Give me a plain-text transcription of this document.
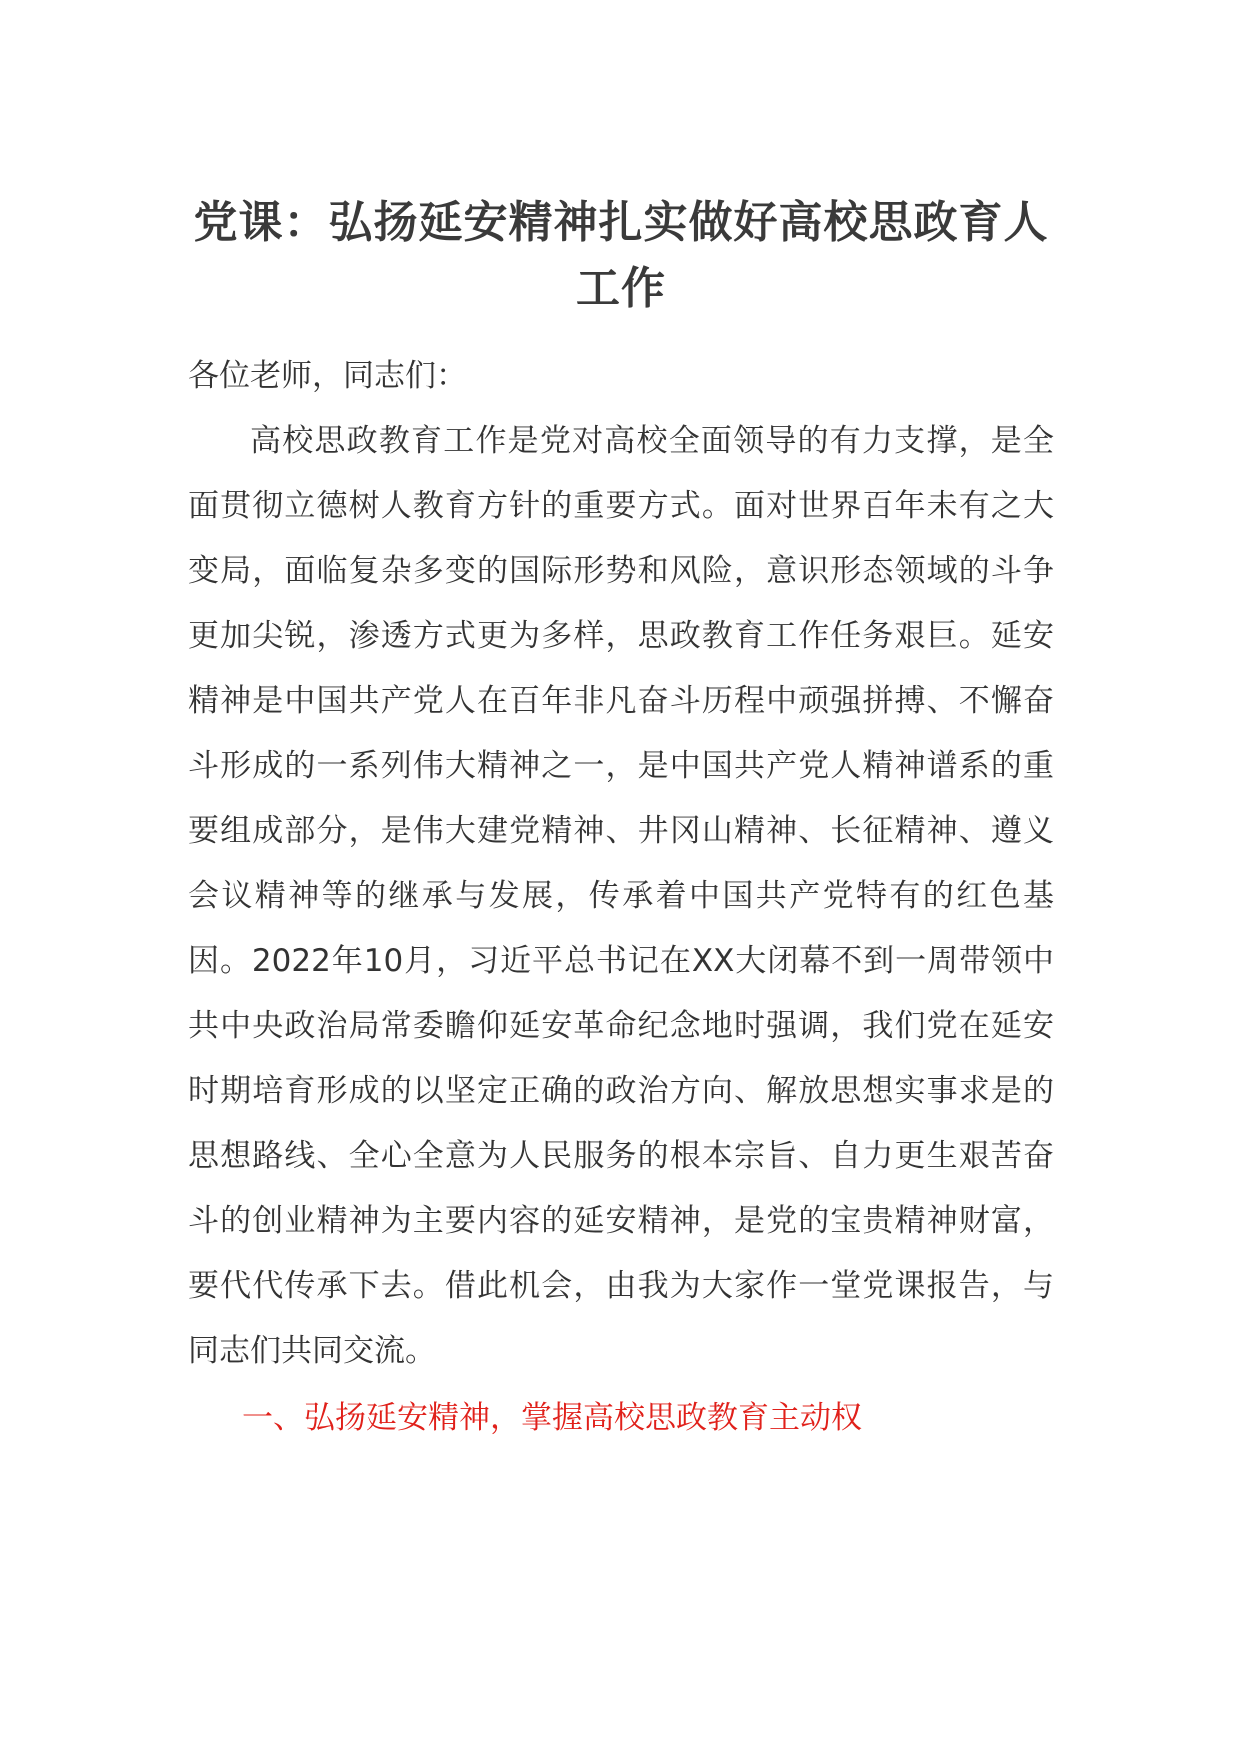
党课：弘扬延安精神扎实做好高校思政育人工作

各位老师，同志们：

高校思政教育工作是党对高校全面领导的有力支撑，是全面贯彻立德树人教育方针的重要方式。面对世界百年未有之大变局，面临复杂多变的国际形势和风险，意识形态领域的斗争更加尖锐，渗透方式更为多样，思政教育工作任务艰巨。延安精神是中国共产党人在百年非凡奋斗历程中顽强拼搏、不懈奋斗形成的一系列伟大精神之一，是中国共产党人精神谱系的重要组成部分，是伟大建党精神、井冈山精神、长征精神、遵义会议精神等的继承与发展，传承着中国共产党特有的红色基因。2022年10月，习近平总书记在XX大闭幕不到一周带领中共中央政治局常委瞻仰延安革命纪念地时强调，我们党在延安时期培育形成的以坚定正确的政治方向、解放思想实事求是的思想路线、全心全意为人民服务的根本宗旨、自力更生艰苦奋斗的创业精神为主要内容的延安精神，是党的宝贵精神财富，要代代传承下去。借此机会，由我为大家作一堂党课报告，与同志们共同交流。

一、弘扬延安精神，掌握高校思政教育主动权
